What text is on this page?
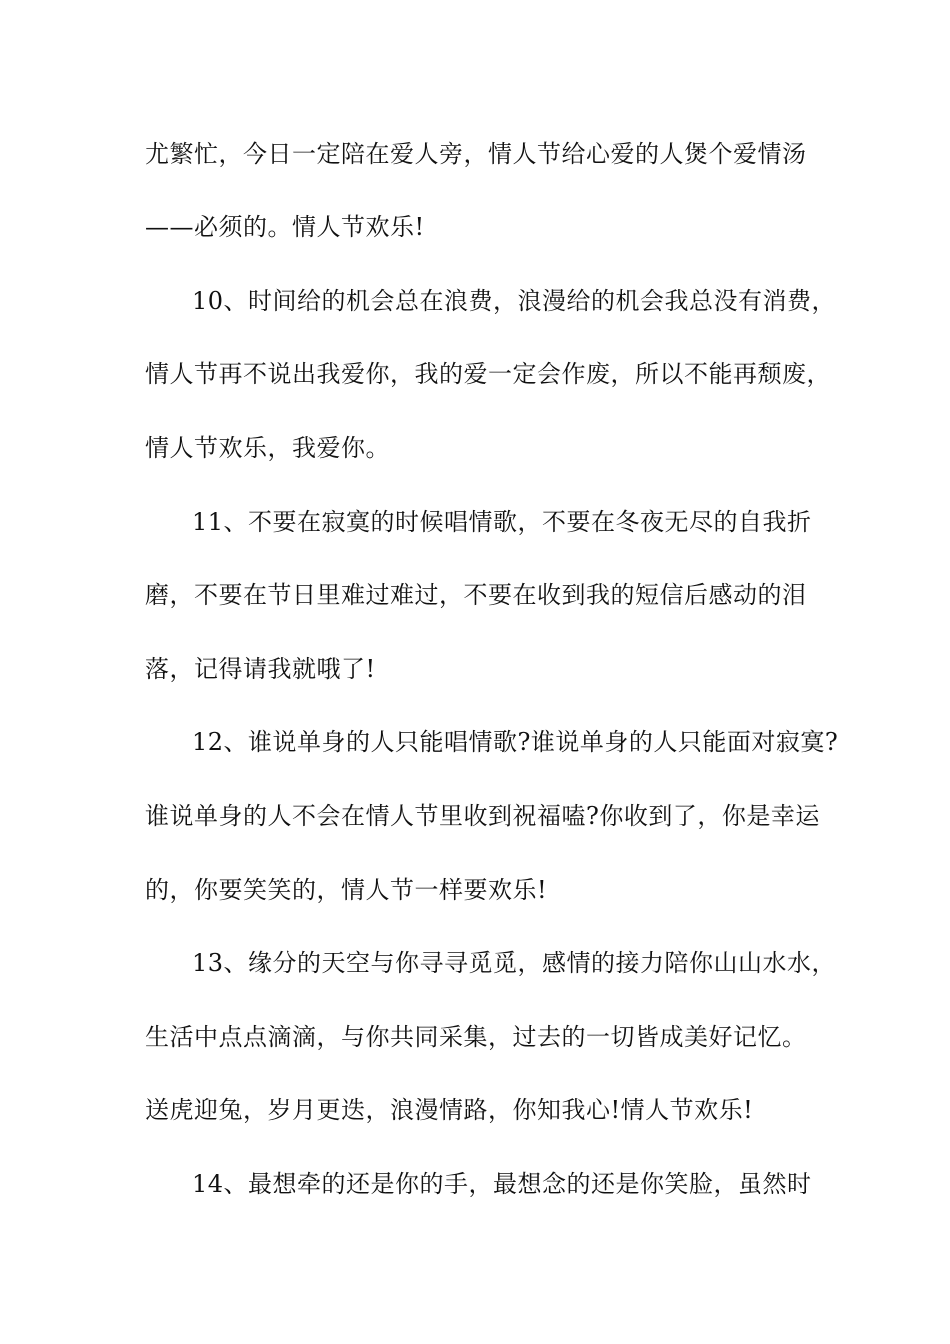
尤繁忙，今日一定陪在爱人旁，情人节给心爱的人煲个爱情汤
——必须的。情人节欢乐!
10、时间给的机会总在浪费，浪漫给的机会我总没有消费，
情人节再不说出我爱你，我的爱一定会作废，所以不能再颓废，
情人节欢乐，我爱你。
11、不要在寂寞的时候唱情歌，不要在冬夜无尽的自我折
磨，不要在节日里难过难过，不要在收到我的短信后感动的泪
落，记得请我就哦了!
12、谁说单身的人只能唱情歌?谁说单身的人只能面对寂寞?
谁说单身的人不会在情人节里收到祝福嗑?你收到了，你是幸运
的，你要笑笑的，情人节一样要欢乐!
13、缘分的天空与你寻寻觅觅，感情的接力陪你山山水水，
生活中点点滴滴，与你共同采集，过去的一切皆成美好记忆。
送虎迎兔，岁月更迭，浪漫情路，你知我心!情人节欢乐!
14、最想牵的还是你的手，最想念的还是你笑脸，虽然时
